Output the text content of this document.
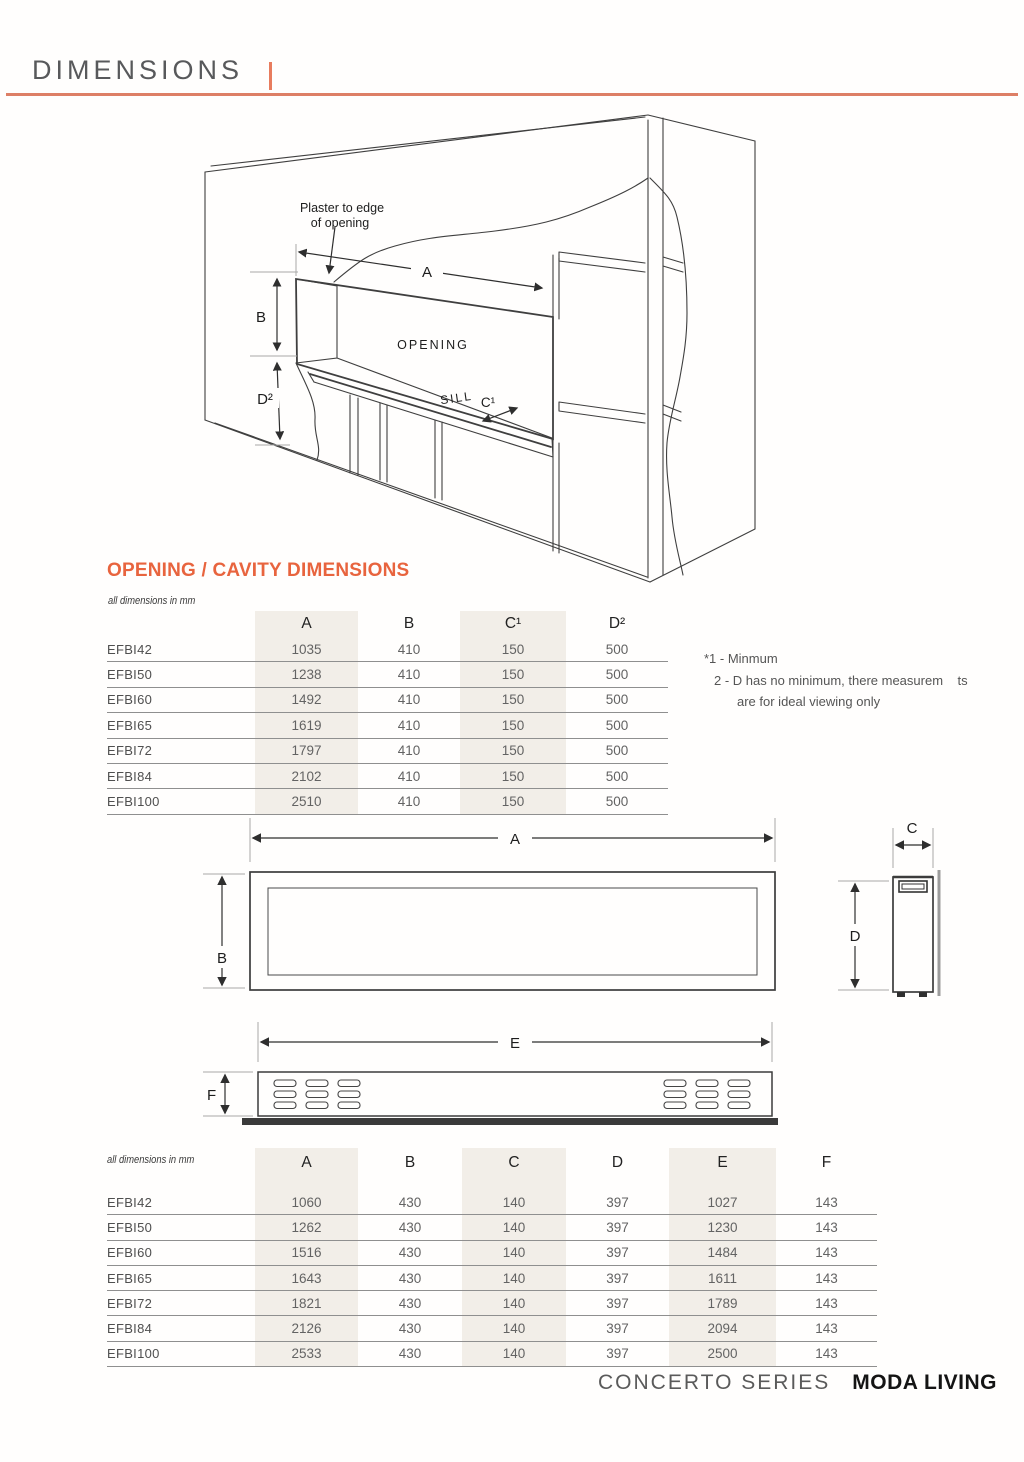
DIMENSIONS
A
B
D²	C¹
Plaster to edge
of opening
OPENING
SILL
OPENING / CAVITY DIMENSIONS
all dimensions in mm
A	B	C¹	D²
EFBI42	1035	410	150	500
EFBI50	1238	410	150	500
EFBI60	1492	410	150	500
EFBI65	1619	410	150	500
EFBI72	1797	410	150	500
EFBI84	2102	410	150	500
EFBI100	2510	410	150	500
*1 - Minmum
2 - D has no minimum, there measurem    ts
are for ideal viewing only
A
B
C
D
E
F
all dimensions in mm	A	B	C	D	E	F
EFBI42	1060	430	140	397	1027	143
EFBI50	1262	430	140	397	1230	143
EFBI60	1516	430	140	397	1484	143
EFBI65	1643	430	140	397	1611	143
EFBI72	1821	430	140	397	1789	143
EFBI84	2126	430	140	397	2094	143
EFBI100	2533	430	140	397	2500	143
CONCERTO SERIES MODA LIVING
